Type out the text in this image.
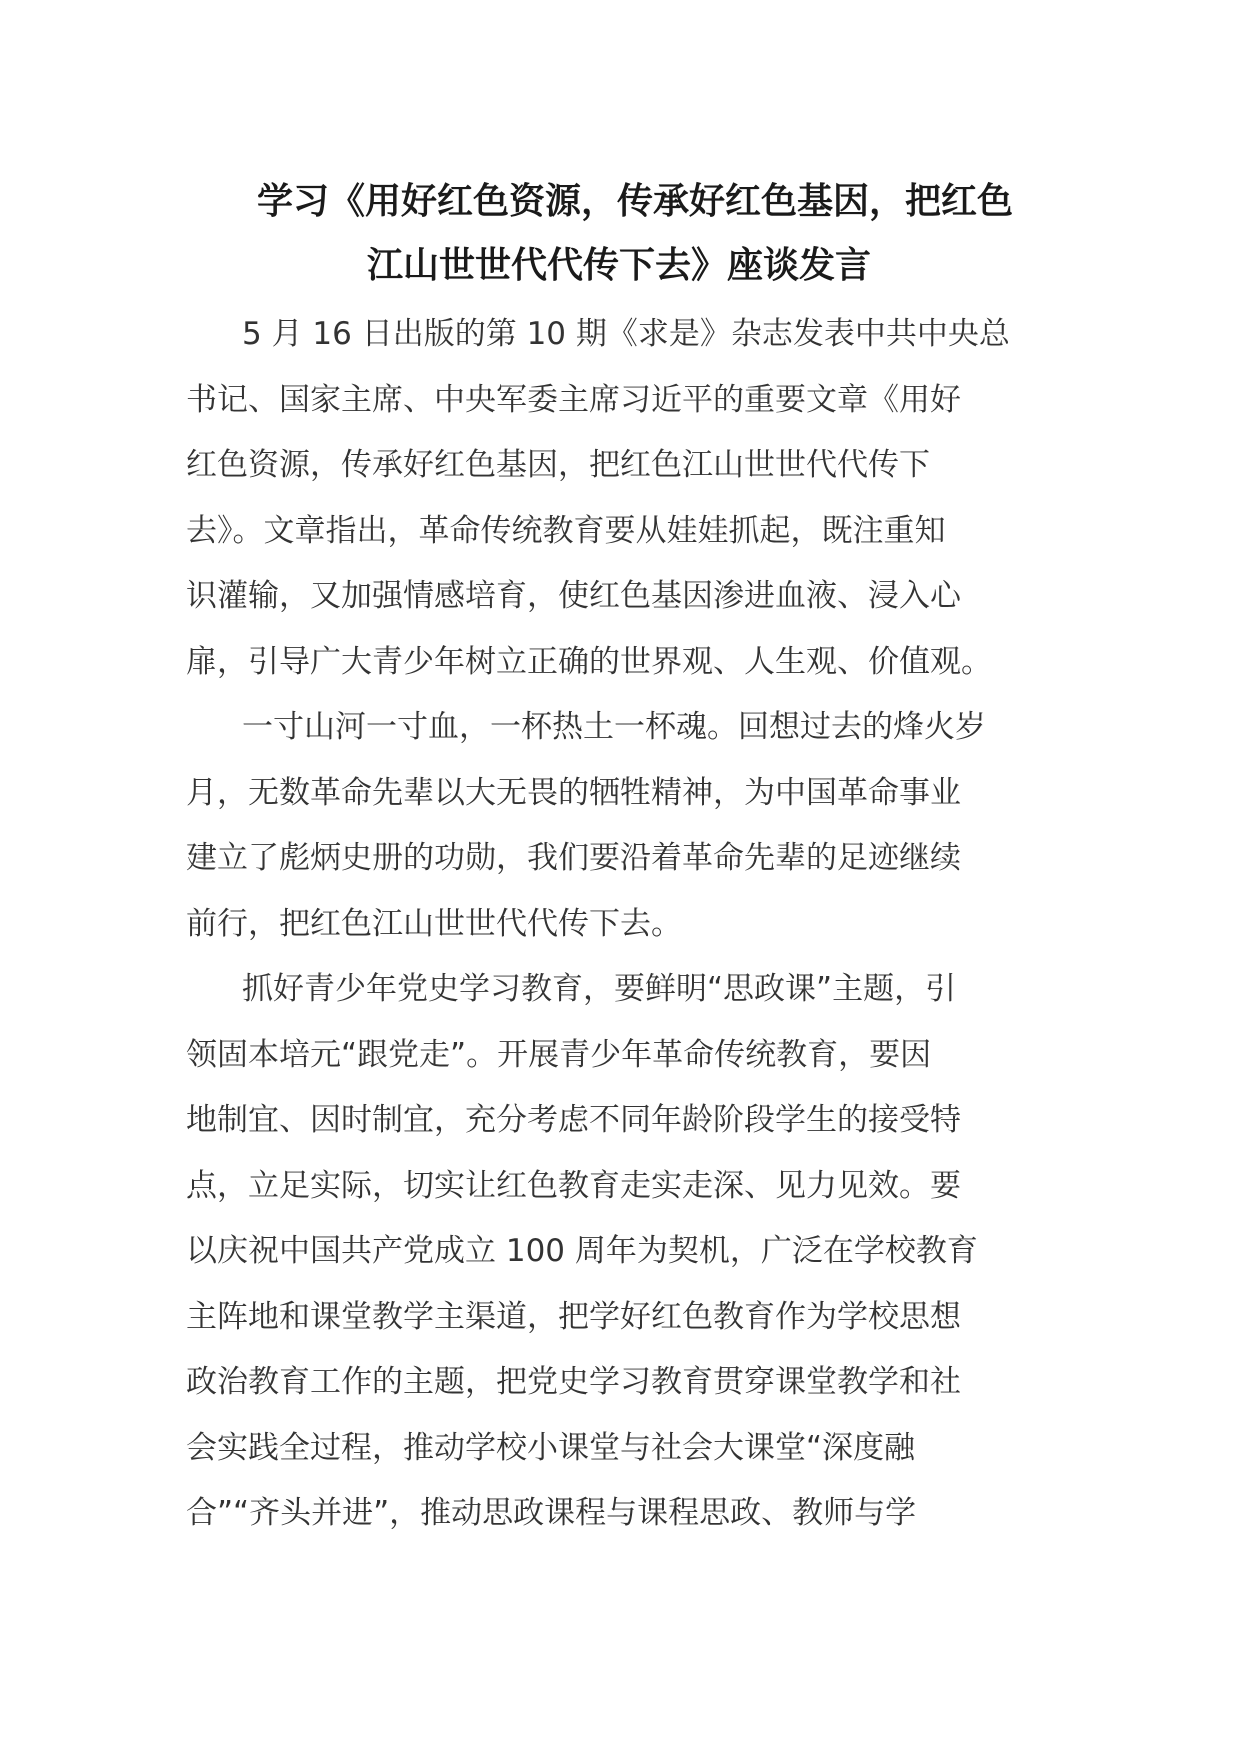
学习《用好红色资源，传承好红色基因，把红色
江山世世代代传下去》座谈发言

5 月 16 日出版的第 10 期《求是》杂志发表中共中央总
书记、国家主席、中央军委主席习近平的重要文章《用好
红色资源，传承好红色基因，把红色江山世世代代传下
去》。文章指出，革命传统教育要从娃娃抓起，既注重知
识灌输，又加强情感培育，使红色基因渗进血液、浸入心
扉，引导广大青少年树立正确的世界观、人生观、价值观。

一寸山河一寸血，一杯热土一杯魂。回想过去的烽火岁
月，无数革命先辈以大无畏的牺牲精神，为中国革命事业
建立了彪炳史册的功勋，我们要沿着革命先辈的足迹继续
前行，把红色江山世世代代传下去。

抓好青少年党史学习教育，要鲜明“思政课”主题，引
领固本培元“跟党走”。开展青少年革命传统教育，要因
地制宜、因时制宜，充分考虑不同年龄阶段学生的接受特
点，立足实际，切实让红色教育走实走深、见力见效。要
以庆祝中国共产党成立 100 周年为契机，广泛在学校教育
主阵地和课堂教学主渠道，把学好红色教育作为学校思想
政治教育工作的主题，把党史学习教育贯穿课堂教学和社
会实践全过程，推动学校小课堂与社会大课堂“深度融
合”“齐头并进”，推动思政课程与课程思政、教师与学
